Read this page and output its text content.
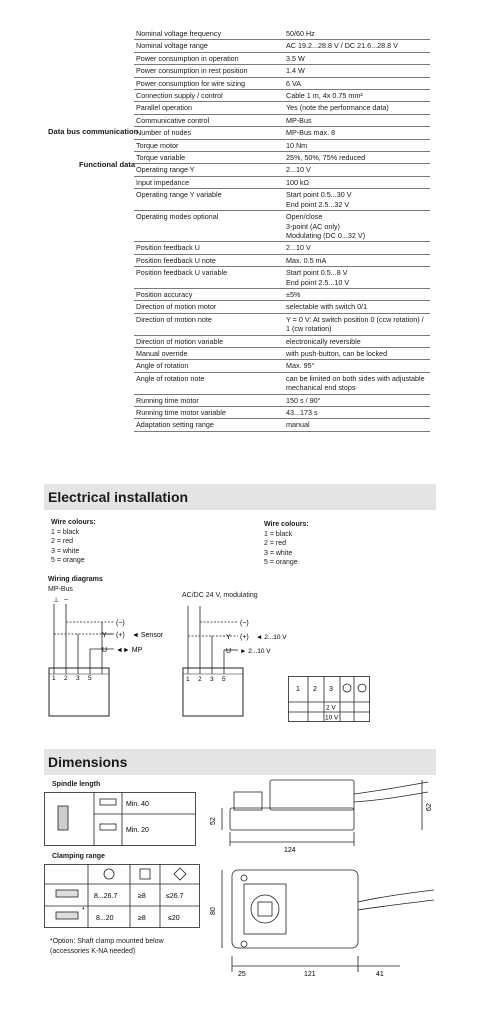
Data bus communication
Functional data
Nominal voltage frequency	50/60 Hz
Nominal voltage range	AC 19.2...28.8 V / DC 21.6...28.8 V
Power consumption in operation	3.5 W
Power consumption in rest position	1.4 W
Power consumption for wire sizing	6 VA
Connection supply / control	Cable 1 m, 4x 0.75 mm²
Parallel operation	Yes (note the performance data)
Communicative control	MP-Bus
Number of nodes	MP-Bus max. 8
Torque motor	10 Nm
Torque variable	25%, 50%, 75% reduced
Operating range Y	2...10 V
Input impedance	100 kΩ
Operating range Y variable	Start point 0.5...30 V
End point 2.5...32 V
Operating modes optional	Open/close
3-point (AC only)
Modulating (DC 0...32 V)
Position feedback U	2...10 V
Position feedback U note	Max. 0.5 mA
Position feedback U variable	Start point 0.5...8 V
End point 2.5...10 V
Position accuracy	±5%
Direction of motion motor	selectable with switch 0/1
Direction of motion note	Y = 0 V: At switch position 0 (ccw rotation) /
1 (cw rotation)
Direction of motion variable	electronically reversible
Manual override	with push-button, can be locked
Angle of rotation	Max. 95°
Angle of rotation note	can be limited on both sides with adjustable
mechanical end stops
Running time motor	150 s / 90°
Running time motor variable	43...173 s
Adaptation setting range	manual
Electrical installation
Wire colours:
1 = black
2 = red
3 = white
5 = orange
Wire colours:
1 = black
2 = red
3 = white
5 = orange
Wiring diagrams
MP-Bus
AC/DC 24 V, modulating
⊥ ~
(−)
Y (+) ◄ Sensor
U ◄► MP
1 2 3 5
(−)
Y (+) ◄ 2...10 V
U ► 2...10 V
1 2 3 5
1 2 3
2 V
10 V
Dimensions
Spindle length
Min. 40
Min. 20
Clamping range
8...26.7	≥8	≤26.7
8...20	≥8	≤20
*
*Option: Shaft clamp mounted below
(accessories K-NA needed)
52
62
124
80
25	121	41
